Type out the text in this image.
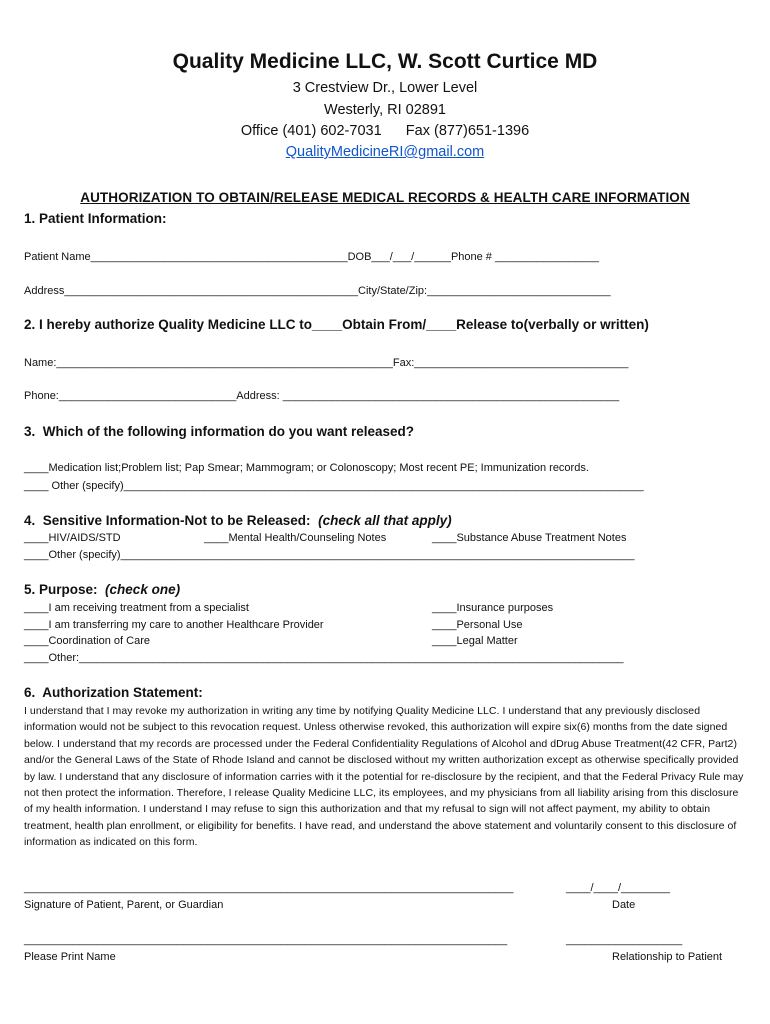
Quality Medicine LLC, W. Scott Curtice MD
3 Crestview Dr., Lower Level
Westerly, RI 02891
Office (401) 602-7031      Fax (877)651-1396
QualityMedicineRI@gmail.com
AUTHORIZATION TO OBTAIN/RELEASE MEDICAL RECORDS & HEALTH CARE INFORMATION
1. Patient Information:
Patient Name__________________________________________DOB___/___/______Phone # _________________
Address________________________________________________City/State/Zip:______________________________
2. I hereby authorize Quality Medicine LLC to____Obtain From/____Release to(verbally or written)
Name:_______________________________________________________Fax:___________________________________
Phone:_____________________________Address: _______________________________________________________
3.  Which of the following information do you want released?
____Medication list;Problem list; Pap Smear; Mammogram; or Colonoscopy; Most recent PE; Immunization records.
____ Other (specify)_____________________________________________________________________________________
4.  Sensitive Information-Not to be Released: (check all that apply)
____HIV/AIDS/STD	____Mental Health/Counseling Notes	____Substance Abuse Treatment Notes
____Other (specify)____________________________________________________________________________________
5. Purpose: (check one)
____I am receiving treatment from a specialist
____I am transferring my care to another Healthcare Provider
____Coordination of Care
____Insurance purposes
____Personal Use
____Legal Matter
____Other:_________________________________________________________________________________________
6.  Authorization Statement:
I understand that I may revoke my authorization in writing any time by notifying Quality Medicine LLC. I understand that any previously disclosed information would not be subject to this revocation request. Unless otherwise revoked, this authorization will expire six(6) months from the date signed below. I understand that my records are processed under the Federal Confidentiality Regulations of Alcohol and dDrug Abuse Treatment(42 CFR, Part2) and/or the General Laws of the State of Rhode Island and cannot be disclosed without my written authorization except as otherwise specifically provided by law. I understand that any disclosure of information carries with it the potential for re-disclosure by the recipient, and that the Federal Privacy Rule may not then protect the information. Therefore, I release Quality Medicine LLC, its employees, and my physicians from all liability arising from this disclosure of my health information. I understand I may refuse to sign this authorization and that my refusal to sign will not affect payment, my ability to obtain treatment, health plan enrollment, or eligibility for benefits. I have read, and understand the above statement and voluntarily consent to this disclosure of information as indicated on this form.
________________________________________________________________________________	____/____/________
Signature of Patient, Parent, or Guardian	Date
_______________________________________________________________________________	___________________
Please Print Name	Relationship to Patient
